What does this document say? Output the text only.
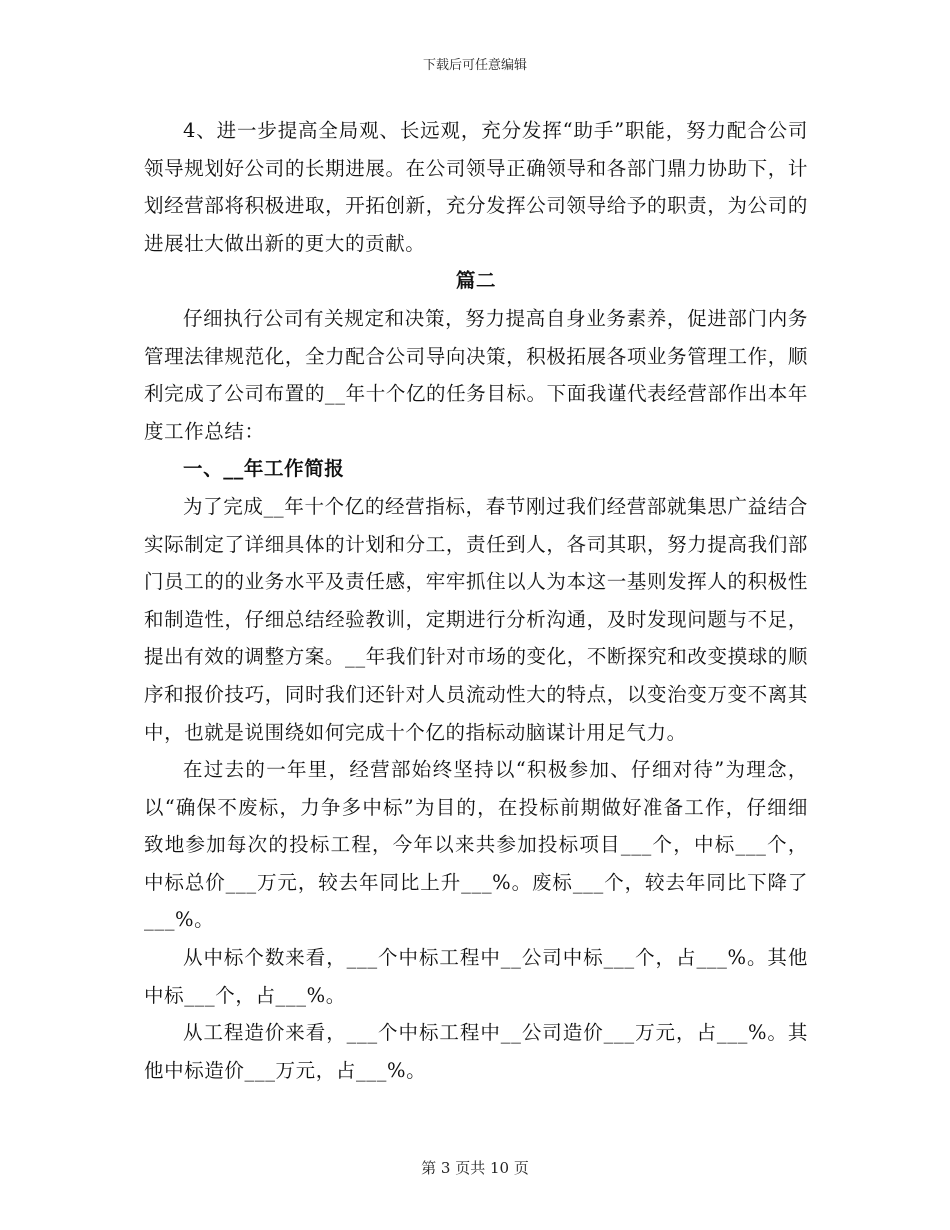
下载后可任意编辑

4、进一步提高全局观、长远观，充分发挥“助手”职能，努力配合公司领导规划好公司的长期进展。在公司领导正确领导和各部门鼎力协助下，计划经营部将积极进取，开拓创新，充分发挥公司领导给予的职责，为公司的进展壮大做出新的更大的贡献。

篇二

仔细执行公司有关规定和决策，努力提高自身业务素养，促进部门内务管理法律规范化，全力配合公司导向决策，积极拓展各项业务管理工作，顺利完成了公司布置的__年十个亿的任务目标。下面我谨代表经营部作出本年度工作总结：

一、__年工作简报

为了完成__年十个亿的经营指标，春节刚过我们经营部就集思广益结合实际制定了详细具体的计划和分工，责任到人，各司其职，努力提高我们部门员工的的业务水平及责任感，牢牢抓住以人为本这一基则发挥人的积极性和制造性，仔细总结经验教训，定期进行分析沟通，及时发现问题与不足，提出有效的调整方案。__年我们针对市场的变化，不断探究和改变摸球的顺序和报价技巧，同时我们还针对人员流动性大的特点，以变治变万变不离其中，也就是说围绕如何完成十个亿的指标动脑谋计用足气力。

在过去的一年里，经营部始终坚持以“积极参加、仔细对待”为理念，以“确保不废标，力争多中标”为目的，在投标前期做好准备工作，仔细细致地参加每次的投标工程，今年以来共参加投标项目___个，中标___个，中标总价___万元，较去年同比上升___%。废标___个，较去年同比下降了___%。

从中标个数来看，___个中标工程中__公司中标___个，占___%。其他中标___个，占___%。

从工程造价来看，___个中标工程中__公司造价___万元，占___%。其他中标造价___万元，占___%。

第 3 页共 10 页
